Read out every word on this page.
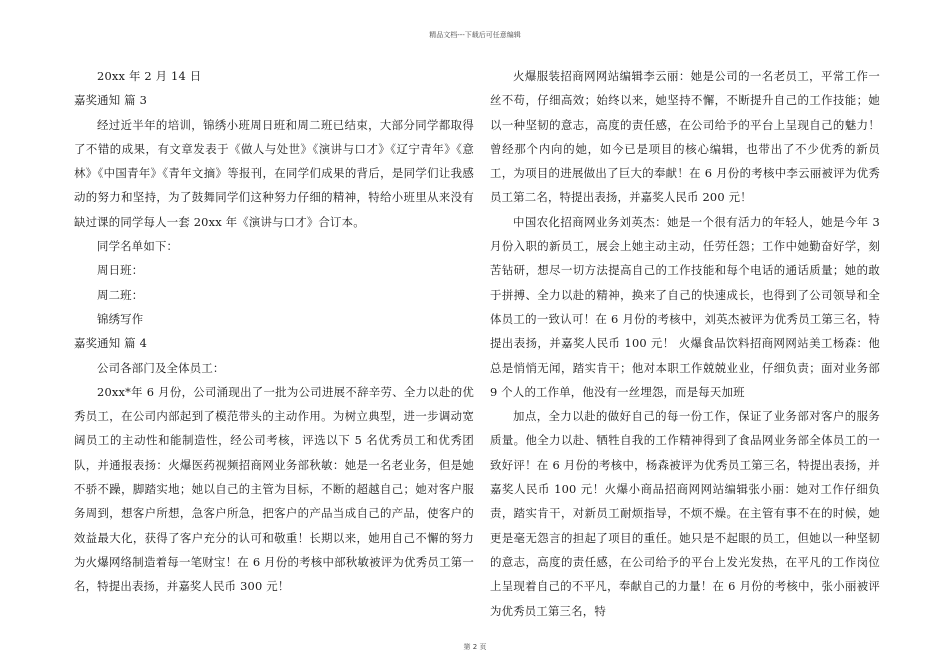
精品文档---下载后可任意编辑

20xx 年 2 月 14 日

嘉奖通知 篇 3

经过近半年的培训，锦绣小班周日班和周二班已结束，大部分同学都取得了不错的成果，有文章发表于《做人与处世》《演讲与口才》《辽宁青年》《意林》《中国青年》《青年文摘》等报刊，在同学们成果的背后，是同学们让我感动的努力和坚持，为了鼓舞同学们这种努力仔细的精神，特给小班里从来没有缺过课的同学每人一套 20xx 年《演讲与口才》合订本。

同学名单如下：

周日班：

周二班：

锦绣写作

嘉奖通知 篇 4

公司各部门及全体员工：

20xx*年 6 月份，公司涌现出了一批为公司进展不辞辛劳、全力以赴的优秀员工，在公司内部起到了模范带头的主动作用。为树立典型，进一步调动宽阔员工的主动性和能制造性，经公司考核，评选以下 5 名优秀员工和优秀团队，并通报表扬：火爆医药视频招商网业务部秋敏：她是一名老业务，但是她不骄不躁，脚踏实地；她以自己的主管为目标，不断的超越自己；她对客户服务周到，想客户所想，急客户所急，把客户的产品当成自己的产品，使客户的效益最大化，获得了客户充分的认可和敬重！长期以来，她用自己不懈的努力为火爆网络制造着每一笔财宝！在 6 月份的考核中部秋敏被评为优秀员工第一名，特提出表扬，并嘉奖人民币 300 元！

火爆服装招商网网站编辑李云丽：她是公司的一名老员工，平常工作一丝不苟，仔细高效；始终以来，她坚持不懈，不断提升自己的工作技能；她以一种坚韧的意志，高度的责任感，在公司给予的平台上呈现自己的魅力！曾经那个内向的她，如今已是项目的核心编辑，也带出了不少优秀的新员工，为项目的进展做出了巨大的奉献！在 6 月份的考核中李云丽被评为优秀员工第二名，特提出表扬，并嘉奖人民币 200 元！

中国农化招商网业务刘英杰：她是一个很有活力的年轻人，她是今年 3 月份入职的新员工，展会上她主动主动，任劳任怨；工作中她勤奋好学，刻苦钻研，想尽一切方法提高自己的工作技能和每个电话的通话质量；她的敢于拼搏、全力以赴的精神，换来了自己的快速成长，也得到了公司领导和全体员工的一致认可！在 6 月份的考核中，刘英杰被评为优秀员工第三名，特提出表扬，并嘉奖人民币 100 元！ 火爆食品饮料招商网网站美工杨森：他总是悄悄无闻，踏实肯干；他对本职工作兢兢业业，仔细负责；面对业务部 9 个人的工作单，他没有一丝埋怨，而是每天加班

加点，全力以赴的做好自己的每一份工作，保证了业务部对客户的服务质量。他全力以赴、牺牲自我的工作精神得到了食品网业务部全体员工的一致好评！在 6 月份的考核中，杨森被评为优秀员工第三名，特提出表扬，并嘉奖人民币 100 元！火爆小商品招商网网站编辑张小丽：她对工作仔细负责，踏实肯干，对新员工耐烦指导，不烦不燥。在主管有事不在的时候，她更是毫无怨言的担起了项目的重任。她只是不起眼的员工，但她以一种坚韧的意志，高度的责任感，在公司给予的平台上发光发热，在平凡的工作岗位上呈现着自己的不平凡，奉献自己的力量！在 6 月份的考核中，张小丽被评为优秀员工第三名，特

第 2 页
